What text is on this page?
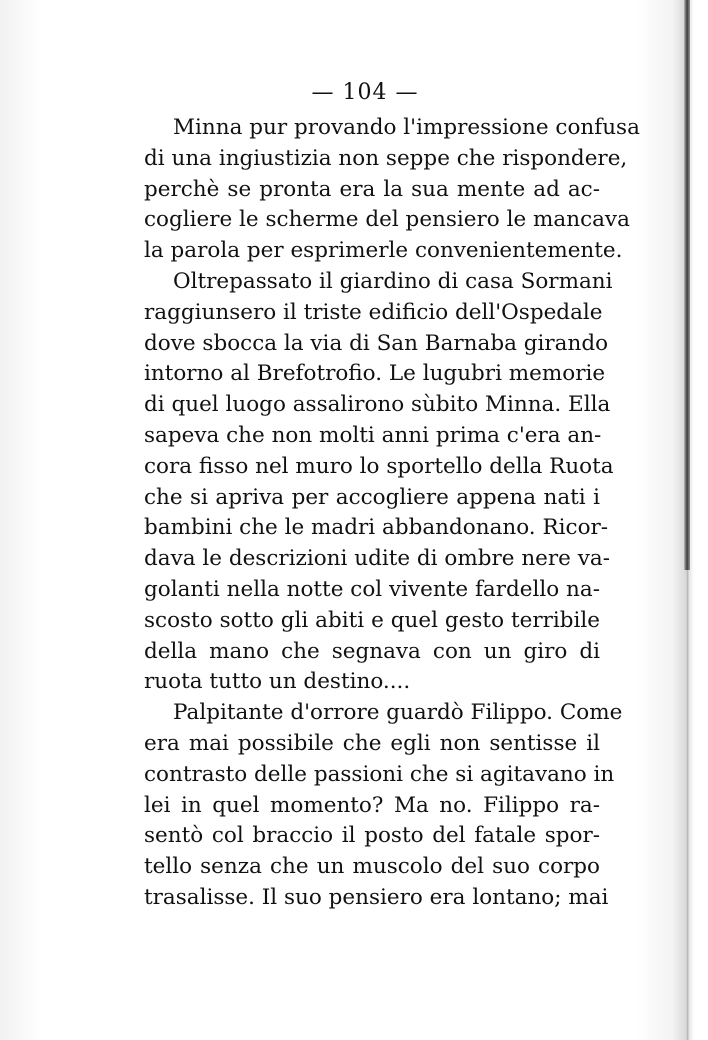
— 104 —
Minna pur provando l'impressione confusa
di una ingiustizia non seppe che rispondere,
perchè se pronta era la sua mente ad ac-
cogliere le scherme del pensiero le mancava
la parola per esprimerle convenientemente.
Oltrepassato il giardino di casa Sormani
raggiunsero il triste edificio dell'Ospedale
dove sbocca la via di San Barnaba girando
intorno al Brefotrofio. Le lugubri memorie
di quel luogo assalirono sùbito Minna. Ella
sapeva che non molti anni prima c'era an-
cora fisso nel muro lo sportello della Ruota
che si apriva per accogliere appena nati i
bambini che le madri abbandonano. Ricor-
dava le descrizioni udite di ombre nere va-
golanti nella notte col vivente fardello na-
scosto sotto gli abiti e quel gesto terribile
della mano che segnava con un giro di
ruota tutto un destino....
Palpitante d'orrore guardò Filippo. Come
era mai possibile che egli non sentisse il
contrasto delle passioni che si agitavano in
lei in quel momento? Ma no. Filippo ra-
sentò col braccio il posto del fatale spor-
tello senza che un muscolo del suo corpo
trasalisse. Il suo pensiero era lontano; mai
